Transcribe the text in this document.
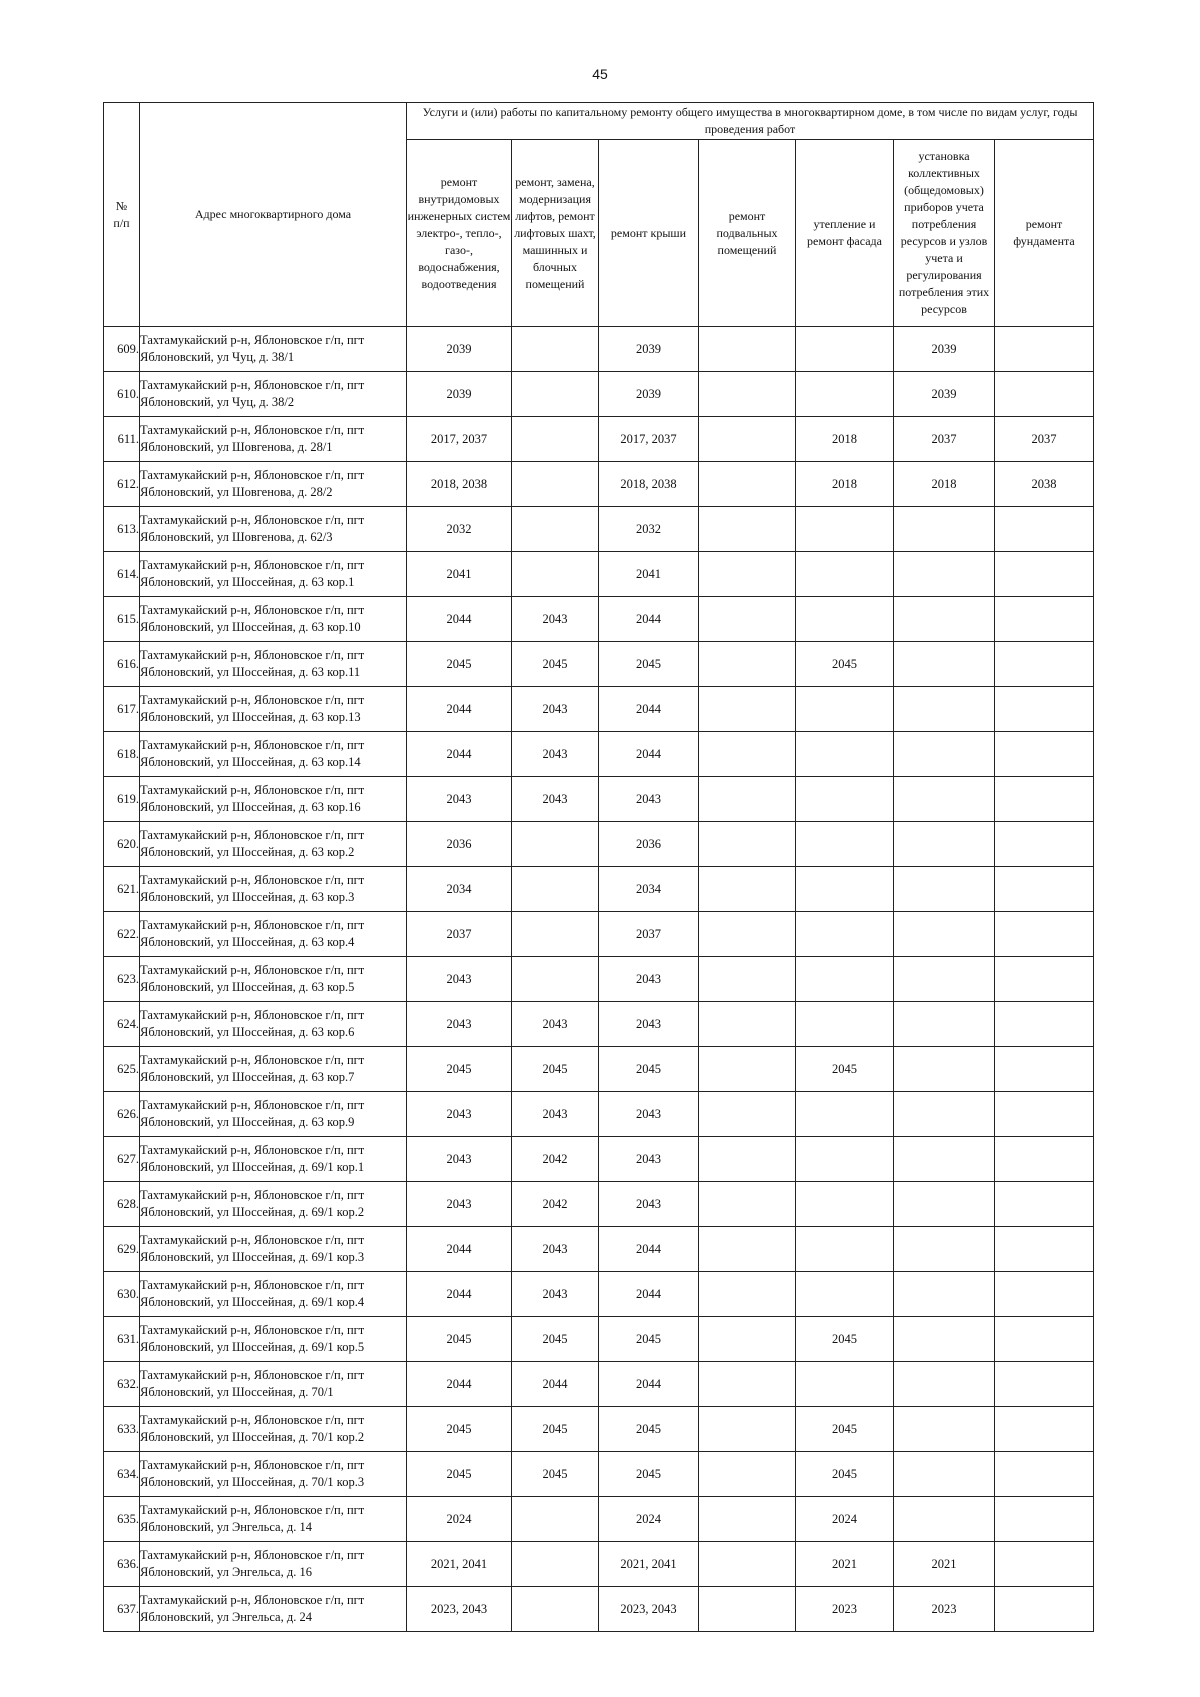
45
№
п/п	Адрес многоквартирного дома	Услуги и (или) работы по капитальному ремонту общего имущества в многоквартирном доме, в том числе по видам услуг, годы проведения работ						
		ремонт внутридомовых инженерных систем электро-, тепло-, газо-, водоснабжения, водоотведения	ремонт, замена, модернизация лифтов, ремонт лифтовых шахт, машинных и блочных помещений	ремонт крыши	ремонт подвальных помещений	утепление и ремонт фасада	установка коллективных (общедомовых) приборов учета потребления ресурсов и узлов учета и регулирования потребления этих ресурсов	ремонт фундамента
609.	Тахтамукайский р-н, Яблоновское г/п, пгт
Яблоновский, ул Чуц, д. 38/1	2039		2039			2039	
610.	Тахтамукайский р-н, Яблоновское г/п, пгт
Яблоновский, ул Чуц, д. 38/2	2039		2039			2039	
611.	Тахтамукайский р-н, Яблоновское г/п, пгт
Яблоновский, ул Шовгенова, д. 28/1	2017, 2037		2017, 2037		2018	2037	2037
612.	Тахтамукайский р-н, Яблоновское г/п, пгт
Яблоновский, ул Шовгенова, д. 28/2	2018, 2038		2018, 2038		2018	2018	2038
613.	Тахтамукайский р-н, Яблоновское г/п, пгт
Яблоновский, ул Шовгенова, д. 62/3	2032		2032				
614.	Тахтамукайский р-н, Яблоновское г/п, пгт
Яблоновский, ул Шоссейная, д. 63 кор.1	2041		2041				
615.	Тахтамукайский р-н, Яблоновское г/п, пгт
Яблоновский, ул Шоссейная, д. 63 кор.10	2044	2043	2044				
616.	Тахтамукайский р-н, Яблоновское г/п, пгт
Яблоновский, ул Шоссейная, д. 63 кор.11	2045	2045	2045		2045		
617.	Тахтамукайский р-н, Яблоновское г/п, пгт
Яблоновский, ул Шоссейная, д. 63 кор.13	2044	2043	2044				
618.	Тахтамукайский р-н, Яблоновское г/п, пгт
Яблоновский, ул Шоссейная, д. 63 кор.14	2044	2043	2044				
619.	Тахтамукайский р-н, Яблоновское г/п, пгт
Яблоновский, ул Шоссейная, д. 63 кор.16	2043	2043	2043				
620.	Тахтамукайский р-н, Яблоновское г/п, пгт
Яблоновский, ул Шоссейная, д. 63 кор.2	2036		2036				
621.	Тахтамукайский р-н, Яблоновское г/п, пгт
Яблоновский, ул Шоссейная, д. 63 кор.3	2034		2034				
622.	Тахтамукайский р-н, Яблоновское г/п, пгт
Яблоновский, ул Шоссейная, д. 63 кор.4	2037		2037				
623.	Тахтамукайский р-н, Яблоновское г/п, пгт
Яблоновский, ул Шоссейная, д. 63 кор.5	2043		2043				
624.	Тахтамукайский р-н, Яблоновское г/п, пгт
Яблоновский, ул Шоссейная, д. 63 кор.6	2043	2043	2043				
625.	Тахтамукайский р-н, Яблоновское г/п, пгт
Яблоновский, ул Шоссейная, д. 63 кор.7	2045	2045	2045		2045		
626.	Тахтамукайский р-н, Яблоновское г/п, пгт
Яблоновский, ул Шоссейная, д. 63 кор.9	2043	2043	2043				
627.	Тахтамукайский р-н, Яблоновское г/п, пгт
Яблоновский, ул Шоссейная, д. 69/1 кор.1	2043	2042	2043				
628.	Тахтамукайский р-н, Яблоновское г/п, пгт
Яблоновский, ул Шоссейная, д. 69/1 кор.2	2043	2042	2043				
629.	Тахтамукайский р-н, Яблоновское г/п, пгт
Яблоновский, ул Шоссейная, д. 69/1 кор.3	2044	2043	2044				
630.	Тахтамукайский р-н, Яблоновское г/п, пгт
Яблоновский, ул Шоссейная, д. 69/1 кор.4	2044	2043	2044				
631.	Тахтамукайский р-н, Яблоновское г/п, пгт
Яблоновский, ул Шоссейная, д. 69/1 кор.5	2045	2045	2045		2045		
632.	Тахтамукайский р-н, Яблоновское г/п, пгт
Яблоновский, ул Шоссейная, д. 70/1	2044	2044	2044				
633.	Тахтамукайский р-н, Яблоновское г/п, пгт
Яблоновский, ул Шоссейная, д. 70/1 кор.2	2045	2045	2045		2045		
634.	Тахтамукайский р-н, Яблоновское г/п, пгт
Яблоновский, ул Шоссейная, д. 70/1 кор.3	2045	2045	2045		2045		
635.	Тахтамукайский р-н, Яблоновское г/п, пгт
Яблоновский, ул Энгельса, д. 14	2024		2024		2024		
636.	Тахтамукайский р-н, Яблоновское г/п, пгт
Яблоновский, ул Энгельса, д. 16	2021, 2041		2021, 2041		2021	2021	
637.	Тахтамукайский р-н, Яблоновское г/п, пгт
Яблоновский, ул Энгельса, д. 24	2023, 2043		2023, 2043		2023	2023	
